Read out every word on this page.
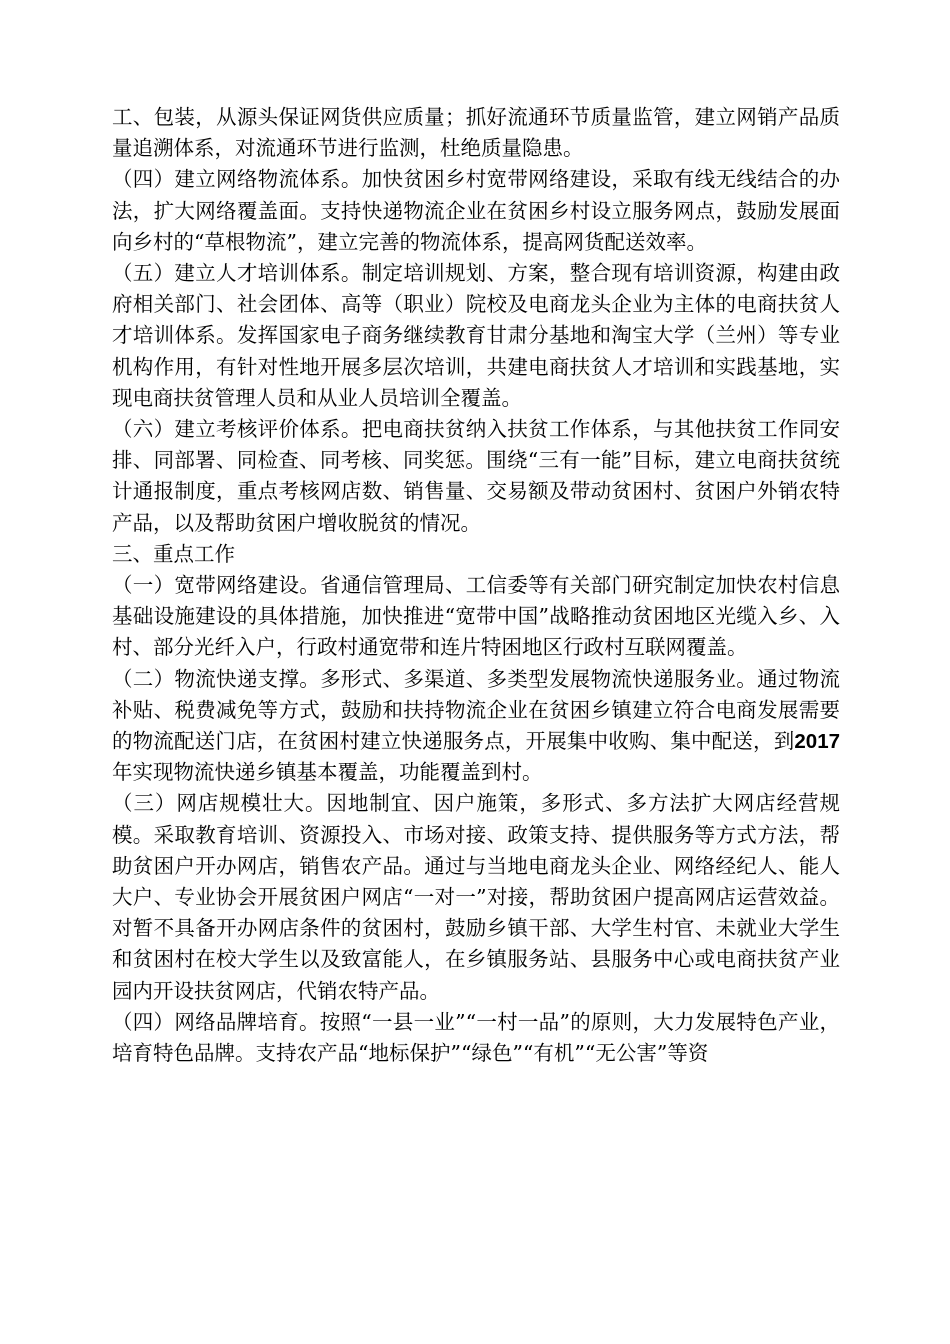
工、包装，从源头保证网货供应质量；抓好流通环节质量监管，建立网销产品质量追溯体系，对流通环节进行监测，杜绝质量隐患。

（四）建立网络物流体系。加快贫困乡村宽带网络建设，采取有线无线结合的办法，扩大网络覆盖面。支持快递物流企业在贫困乡村设立服务网点，鼓励发展面向乡村的“草根物流”，建立完善的物流体系，提高网货配送效率。

（五）建立人才培训体系。制定培训规划、方案，整合现有培训资源，构建由政府相关部门、社会团体、高等（职业）院校及电商龙头企业为主体的电商扶贫人才培训体系。发挥国家电子商务继续教育甘肃分基地和淘宝大学（兰州）等专业机构作用，有针对性地开展多层次培训，共建电商扶贫人才培训和实践基地，实现电商扶贫管理人员和从业人员培训全覆盖。

（六）建立考核评价体系。把电商扶贫纳入扶贫工作体系，与其他扶贫工作同安排、同部署、同检查、同考核、同奖惩。围绕“三有一能”目标，建立电商扶贫统计通报制度，重点考核网店数、销售量、交易额及带动贫困村、贫困户外销农特产品，以及帮助贫困户增收脱贫的情况。

三、重点工作

（一）宽带网络建设。省通信管理局、工信委等有关部门研究制定加快农村信息基础设施建设的具体措施，加快推进“宽带中国”战略推动贫困地区光缆入乡、入村、部分光纤入户，行政村通宽带和连片特困地区行政村互联网覆盖。

（二）物流快递支撑。多形式、多渠道、多类型发展物流快递服务业。通过物流补贴、税费减免等方式，鼓励和扶持物流企业在贫困乡镇建立符合电商发展需要的物流配送门店，在贫困村建立快递服务点，开展集中收购、集中配送，到2017年实现物流快递乡镇基本覆盖，功能覆盖到村。

（三）网店规模壮大。因地制宜、因户施策，多形式、多方法扩大网店经营规模。采取教育培训、资源投入、市场对接、政策支持、提供服务等方式方法，帮助贫困户开办网店，销售农产品。通过与当地电商龙头企业、网络经纪人、能人大户、专业协会开展贫困户网店“一对一”对接，帮助贫困户提高网店运营效益。对暂不具备开办网店条件的贫困村，鼓励乡镇干部、大学生村官、未就业大学生和贫困村在校大学生以及致富能人，在乡镇服务站、县服务中心或电商扶贫产业园内开设扶贫网店，代销农特产品。

（四）网络品牌培育。按照“一县一业”“一村一品”的原则，大力发展特色产业，培育特色品牌。支持农产品“地标保护”“绿色”“有机”“无公害”等资
